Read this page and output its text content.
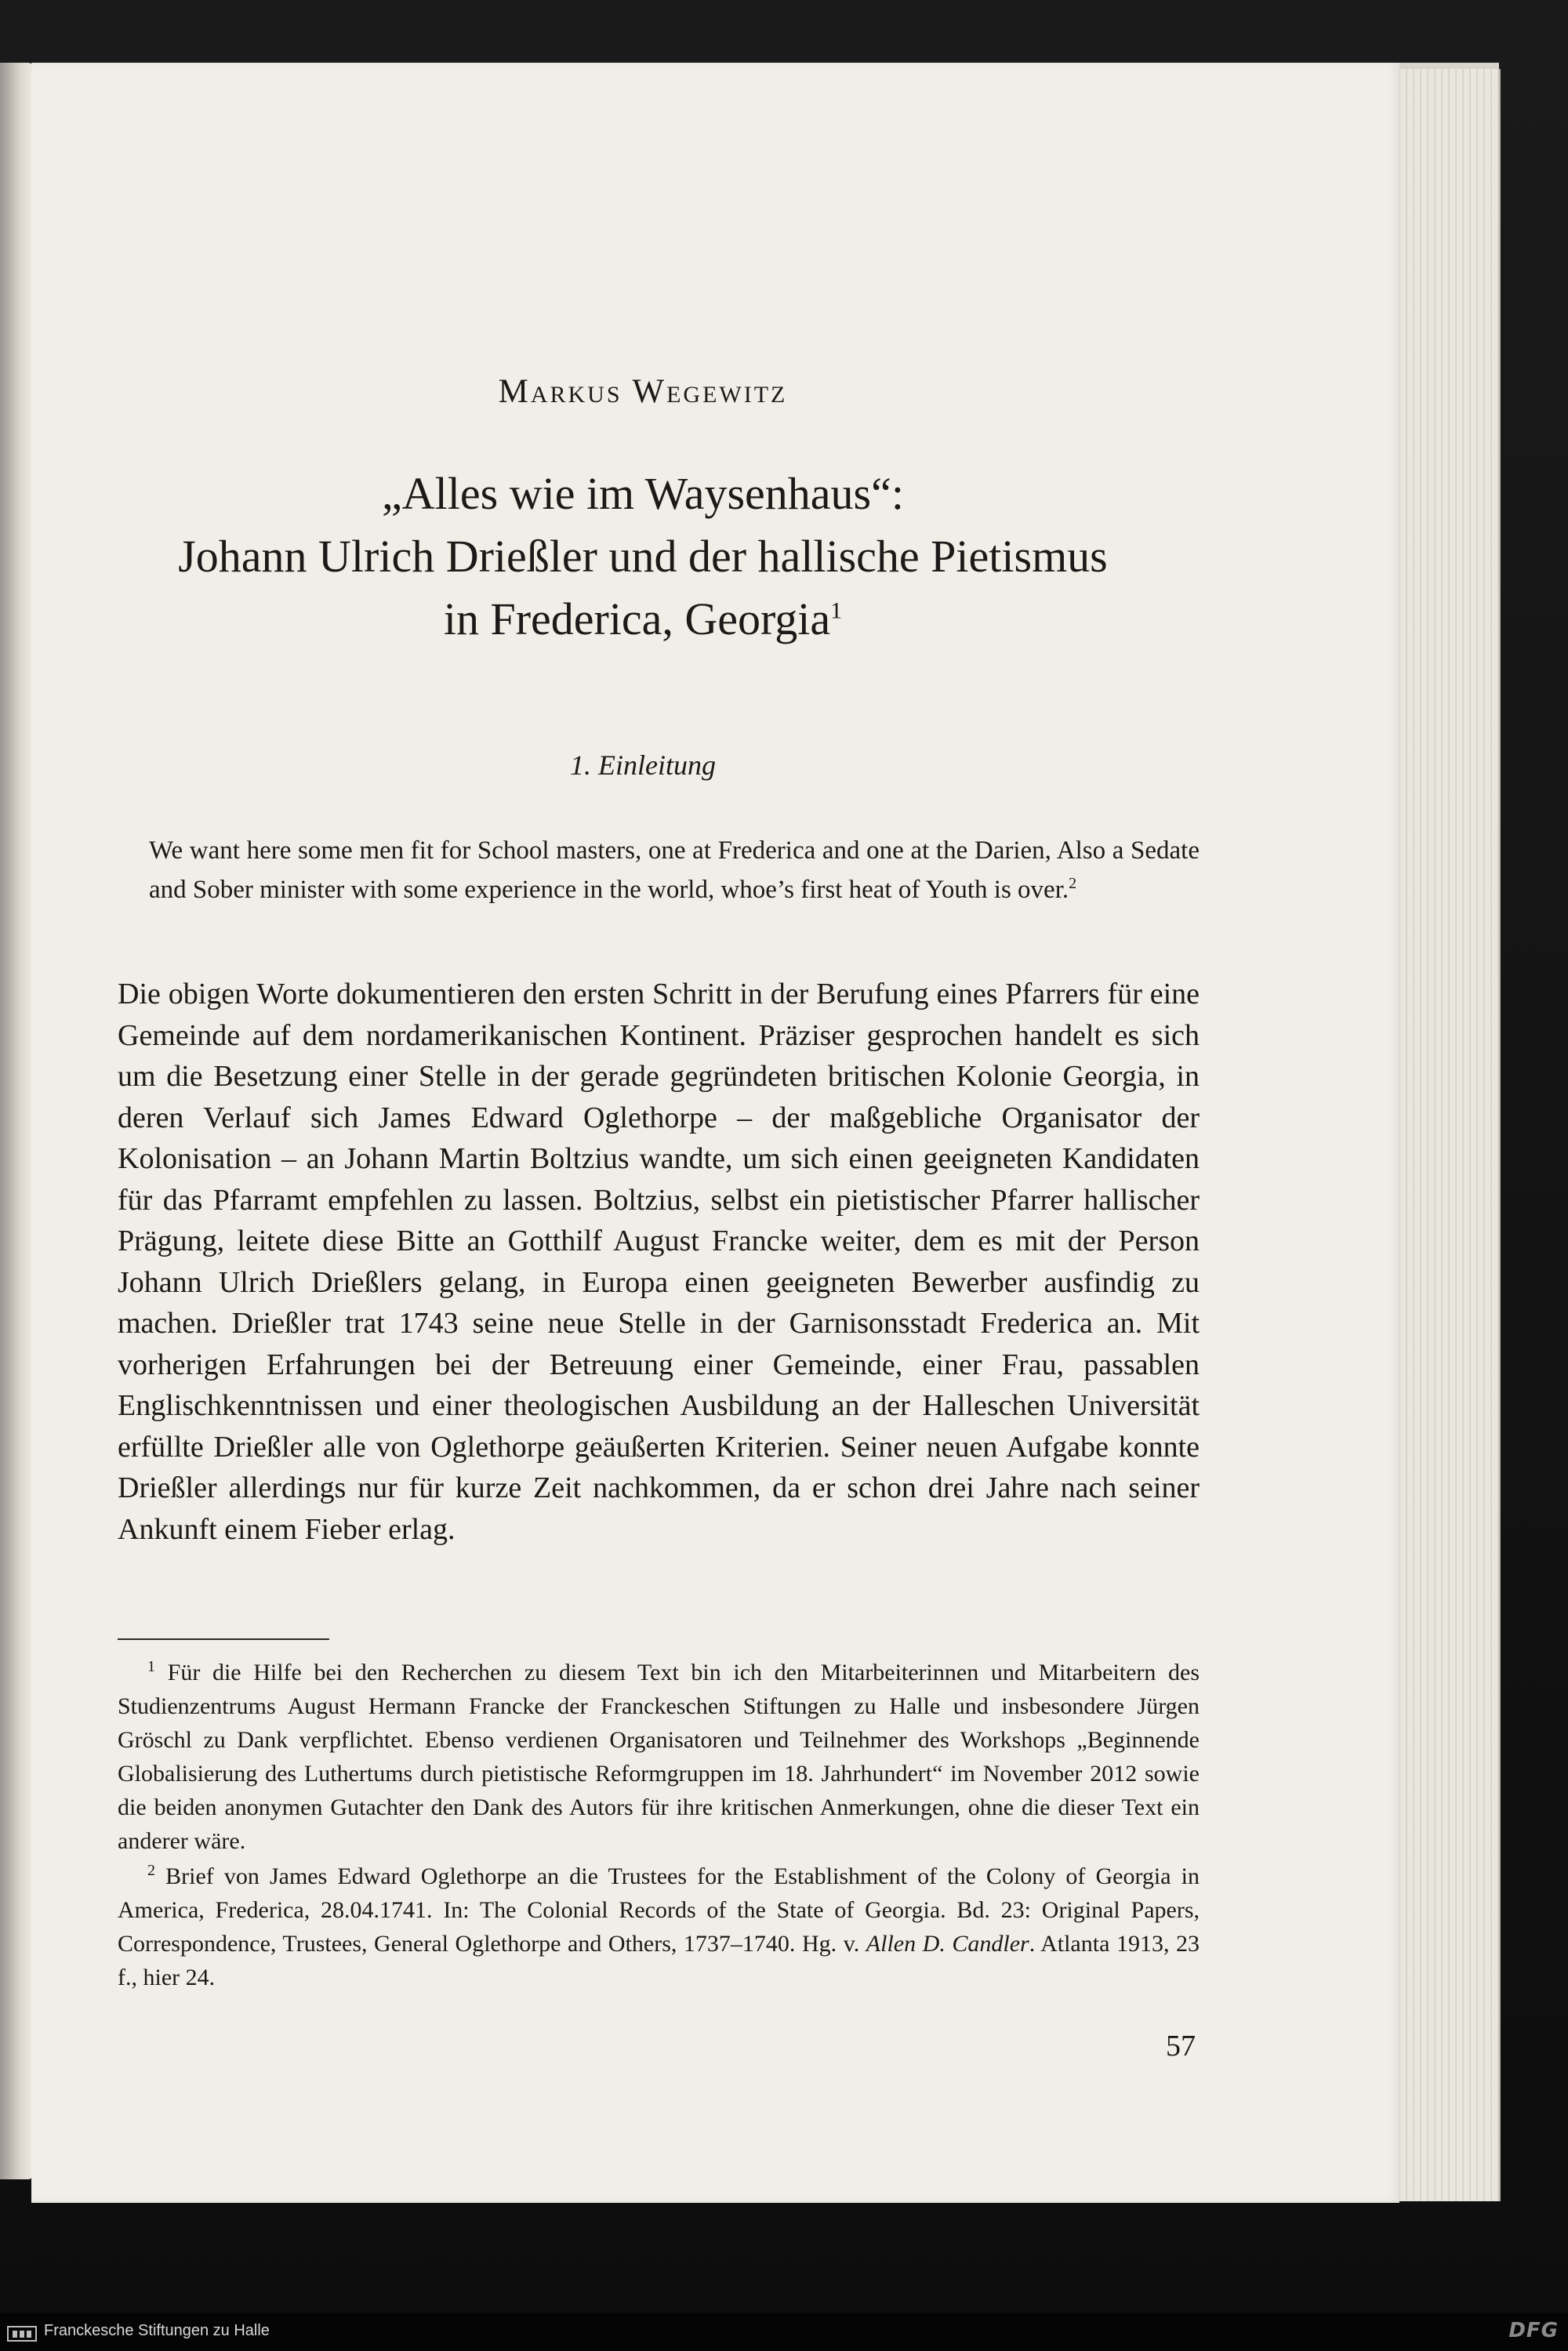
Markus Wegewitz
„Alles wie im Waysenhaus“:
Johann Ulrich Drießler und der hallische Pietismus
in Frederica, Georgia$^1$
1. Einleitung
We want here some men fit for School masters, one at Frederica and one at the Darien, Also a Sedate and Sober minister with some experience in the world, whoe’s first heat of Youth is over.$^2$
Die obigen Worte dokumentieren den ersten Schritt in der Berufung eines Pfarrers für eine Gemeinde auf dem nordamerikanischen Kontinent. Präziser gesprochen handelt es sich um die Besetzung einer Stelle in der gerade gegründeten britischen Kolonie Georgia, in deren Verlauf sich James Edward Oglethorpe – der maßgebliche Organisator der Kolonisation – an Johann Martin Boltzius wandte, um sich einen geeigneten Kandidaten für das Pfarramt empfehlen zu lassen. Boltzius, selbst ein pietistischer Pfarrer hallischer Prägung, leitete diese Bitte an Gotthilf August Francke weiter, dem es mit der Person Johann Ulrich Drießlers gelang, in Europa einen geeigneten Bewerber ausfindig zu machen. Drießler trat 1743 seine neue Stelle in der Garnisonsstadt Frederica an. Mit vorherigen Erfahrungen bei der Betreuung einer Gemeinde, einer Frau, passablen Englischkenntnissen und einer theologischen Ausbildung an der Halleschen Universität erfüllte Drießler alle von Oglethorpe geäußerten Kriterien. Seiner neuen Aufgabe konnte Drießler allerdings nur für kurze Zeit nachkommen, da er schon drei Jahre nach seiner Ankunft einem Fieber erlag.
$^1$ Für die Hilfe bei den Recherchen zu diesem Text bin ich den Mitarbeiterinnen und Mitarbeitern des Studienzentrums August Hermann Francke der Franckeschen Stiftungen zu Halle und insbesondere Jürgen Gröschl zu Dank verpflichtet. Ebenso verdienen Organisatoren und Teilnehmer des Workshops „Beginnende Globalisierung des Luthertums durch pietistische Reformgruppen im 18. Jahrhundert“ im November 2012 sowie die beiden anonymen Gutachter den Dank des Autors für ihre kritischen Anmerkungen, ohne die dieser Text ein anderer wäre.
$^2$ Brief von James Edward Oglethorpe an die Trustees for the Establishment of the Colony of Georgia in America, Frederica, 28.04.1741. In: The Colonial Records of the State of Georgia. Bd. 23: Original Papers, Correspondence, Trustees, General Oglethorpe and Others, 1737–1740. Hg. v. Allen D. Candler. Atlanta 1913, 23 f., hier 24.
57
Franckesche Stiftungen zu Halle	DFG
